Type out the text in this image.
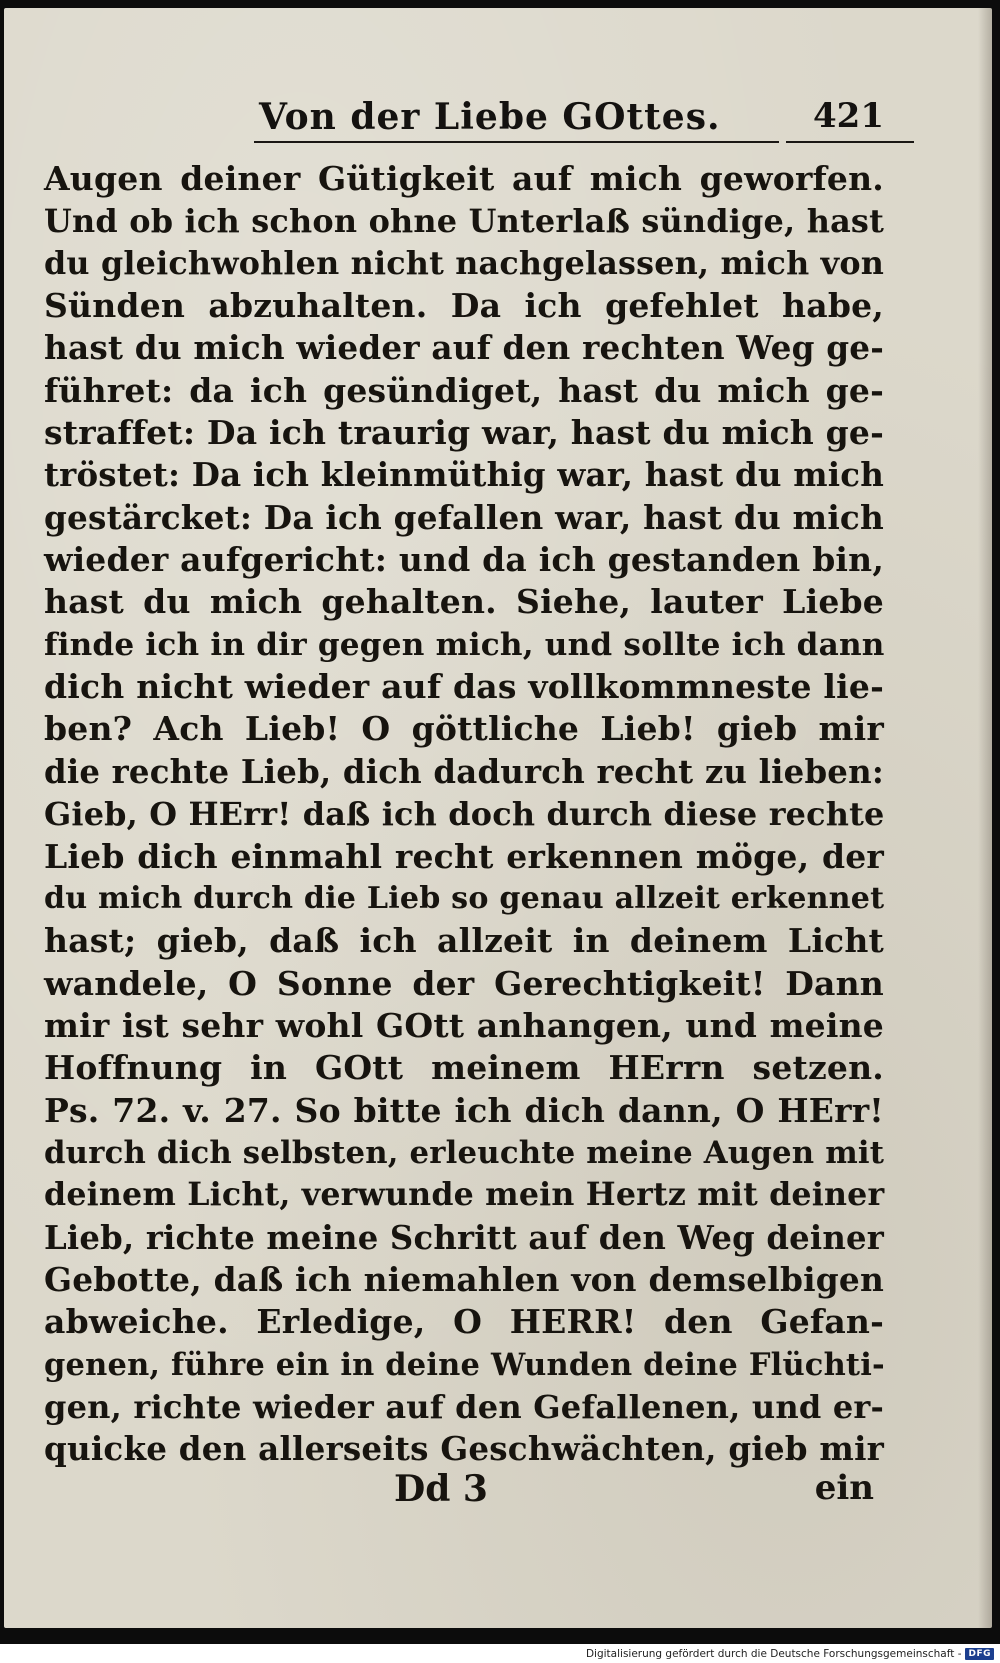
Von der Liebe GOttes.	421
Augen deiner Gütigkeit auf mich geworfen.
Und ob ich schon ohne Unterlaß sündige, hast
du gleichwohlen nicht nachgelassen, mich von
Sünden abzuhalten. Da ich gefehlet habe,
hast du mich wieder auf den rechten Weg ge-
führet: da ich gesündiget, hast du mich ge-
straffet: Da ich traurig war, hast du mich ge-
tröstet: Da ich kleinmüthig war, hast du mich
gestärcket: Da ich gefallen war, hast du mich
wieder aufgericht: und da ich gestanden bin,
hast du mich gehalten. Siehe, lauter Liebe
finde ich in dir gegen mich, und sollte ich dann
dich nicht wieder auf das vollkommneste lie-
ben? Ach Lieb! O göttliche Lieb! gieb mir
die rechte Lieb, dich dadurch recht zu lieben:
Gieb, O HErr! daß ich doch durch diese rechte
Lieb dich einmahl recht erkennen möge, der
du mich durch die Lieb so genau allzeit erkennet
hast; gieb, daß ich allzeit in deinem Licht
wandele, O Sonne der Gerechtigkeit! Dann
mir ist sehr wohl GOtt anhangen, und meine
Hoffnung in GOtt meinem HErrn setzen.
Ps. 72. v. 27. So bitte ich dich dann, O HErr!
durch dich selbsten, erleuchte meine Augen mit
deinem Licht, verwunde mein Hertz mit deiner
Lieb, richte meine Schritt auf den Weg deiner
Gebotte, daß ich niemahlen von demselbigen
abweiche. Erledige, O HERR! den Gefan-
genen, führe ein in deine Wunden deine Flüchti-
gen, richte wieder auf den Gefallenen, und er-
quicke den allerseits Geschwächten, gieb mir
Dd 3	ein
Digitalisierung gefördert durch die Deutsche Forschungsgemeinschaft - DFG
